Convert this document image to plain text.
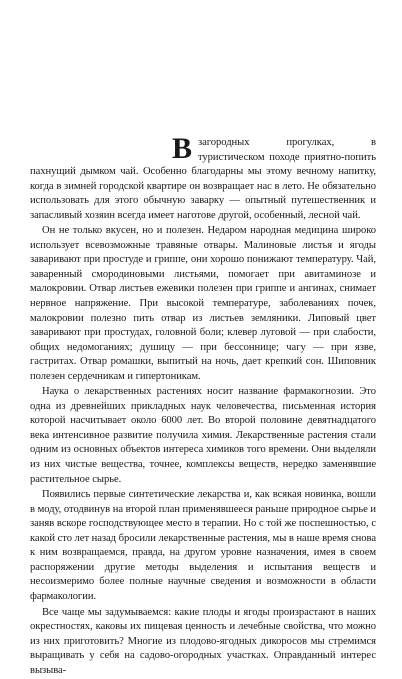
В загородных прогулках, в туристическом походе приятно-попить пахнущий дымком чай. Особенно благодарны мы этому вечному напитку, когда в зимней городской квартире он возвращает нас в лето. Не обязательно использовать для этого обычную заварку — опытный путешественник и запасливый хозяин всегда имеет наготове другой, особенный, лесной чай.

Он не только вкусен, но и полезен. Недаром народная медицина широко использует всевозможные травяные отвары. Малиновые листья и ягоды заваривают при простуде и гриппе, они хорошо понижают температуру. Чай, заваренный смородиновыми листьями, помогает при авитаминозе и малокровии. Отвар листьев ежевики полезен при гриппе и ангинах, снимает нервное напряжение. При высокой температуре, заболеваниях почек, малокровии полезно пить отвар из листьев земляники. Липовый цвет заваривают при простудах, головной боли; клевер луговой — при слабости, общих недомоганиях; душицу — при бессоннице; чагу — при язве, гастритах. Отвар ромашки, выпитый на ночь, дает крепкий сон. Шиповник полезен сердечникам и гипертоникам.

Наука о лекарственных растениях носит название фармакогнозии. Это одна из древнейших прикладных наук человечества, письменная история которой насчитывает около 6000 лет. Во второй половине девятнадцатого века интенсивное развитие получила химия. Лекарственные растения стали одним из основных объектов интереса химиков того времени. Они выделяли из них чистые вещества, точнее, комплексы веществ, нередко заменявшие растительное сырье.

Появились первые синтетические лекарства и, как всякая новинка, вошли в моду, отодвинув на второй план применявшееся раньше природное сырье и заняв вскоре господствующее место в терапии. Но с той же поспешностью, с какой сто лет назад бросили лекарственные растения, мы в наше время снова к ним возвращаемся, правда, на другом уровне назначения, имея в своем распоряжении другие методы выделения и испытания веществ и несоизмеримо более полные научные сведения и возможности в области фармакологии.

Все чаще мы задумываемся: какие плоды и ягоды произрастают в наших окрестностях, каковы их пищевая ценность и лечебные свойства, что можно из них приготовить? Многие из плодово-ягодных дикоросов мы стремимся выращивать у себя на садово-огородных участках. Оправданный интерес вызыва-
